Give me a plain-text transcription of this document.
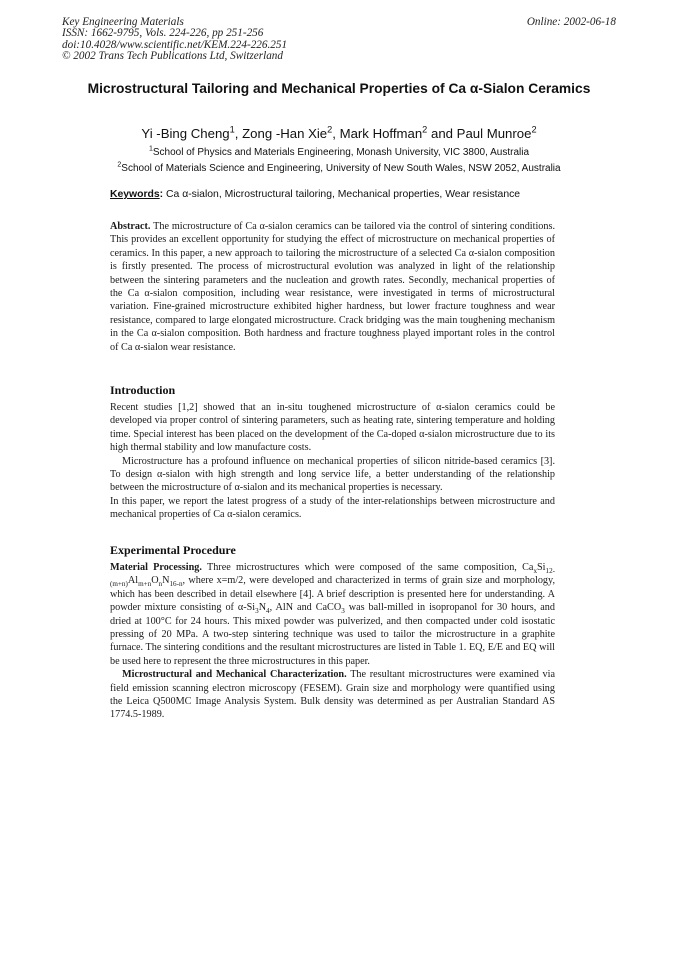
Key Engineering Materials
ISSN: 1662-9795, Vols. 224-226, pp 251-256
doi:10.4028/www.scientific.net/KEM.224-226.251
© 2002 Trans Tech Publications Ltd, Switzerland
Online: 2002-06-18
Microstructural Tailoring and Mechanical Properties of Ca α-Sialon Ceramics
Yi -Bing Cheng$^1$, Zong -Han Xie$^2$, Mark Hoffman$^2$ and Paul Munroe$^2$
$^1$School of Physics and Materials Engineering, Monash University, VIC 3800, Australia
$^2$School of Materials Science and Engineering, University of New South Wales, NSW 2052, Australia
Keywords: Ca α-sialon, Microstructural tailoring, Mechanical properties, Wear resistance
Abstract. The microstructure of Ca α-sialon ceramics can be tailored via the control of sintering conditions. This provides an excellent opportunity for studying the effect of microstructure on mechanical properties of ceramics. In this paper, a new approach to tailoring the microstructure of a selected Ca α-sialon composition is firstly presented. The process of microstructural evolution was analyzed in light of the relationship between the sintering parameters and the nucleation and growth rates. Secondly, mechanical properties of the Ca α-sialon composition, including wear resistance, were investigated in terms of microstructural variation. Fine-grained microstructure exhibited higher hardness, but lower fracture toughness and wear resistance, compared to large elongated microstructure. Crack bridging was the main toughening mechanism in the Ca α-sialon composition. Both hardness and fracture toughness played important roles in the control of Ca α-sialon wear resistance.
Introduction

Recent studies [1,2] showed that an in-situ toughened microstructure of α-sialon ceramics could be developed via proper control of sintering parameters, such as heating rate, sintering temperature and holding time. Special interest has been placed on the development of the Ca-doped α-sialon microstructure due to its high thermal stability and low manufacture costs.

Microstructure has a profound influence on mechanical properties of silicon nitride-based ceramics [3]. To design α-sialon with high strength and long service life, a better understanding of the relationship between the microstructure of α-sialon and its mechanical properties is necessary.

In this paper, we report the latest progress of a study of the inter-relationships between microstructure and mechanical properties of Ca α-sialon ceramics.

Experimental Procedure

Material Processing. Three microstructures which were composed of the same composition, $Ca_xSi_{12-(m+n)}Al_{m+n}O_nN_{16-n}$, where x=m/2, were developed and characterized in terms of grain size and morphology, which has been described in detail elsewhere [4]. A brief description is presented here for understanding. A powder mixture consisting of $\alpha-Si_3N_4$, AlN and CaCO$_3$ was ball-milled in isopropanol for 30 hours, and dried at 100°C for 24 hours. This mixed powder was pulverized, and then compacted under cold isostatic pressing of 20 MPa. A two-step sintering technique was used to tailor the microstructure in a graphite furnace. The sintering conditions and the resultant microstructures are listed in Table 1. EQ, E/E and EQ will be used here to represent the three microstructures in this paper.

Microstructural and Mechanical Characterization. The resultant microstructures were examined via field emission scanning electron microscopy (FESEM). Grain size and morphology were quantified using the Leica Q500MC Image Analysis System. Bulk density was determined as per Australian Standard AS 1774.5-1989.
